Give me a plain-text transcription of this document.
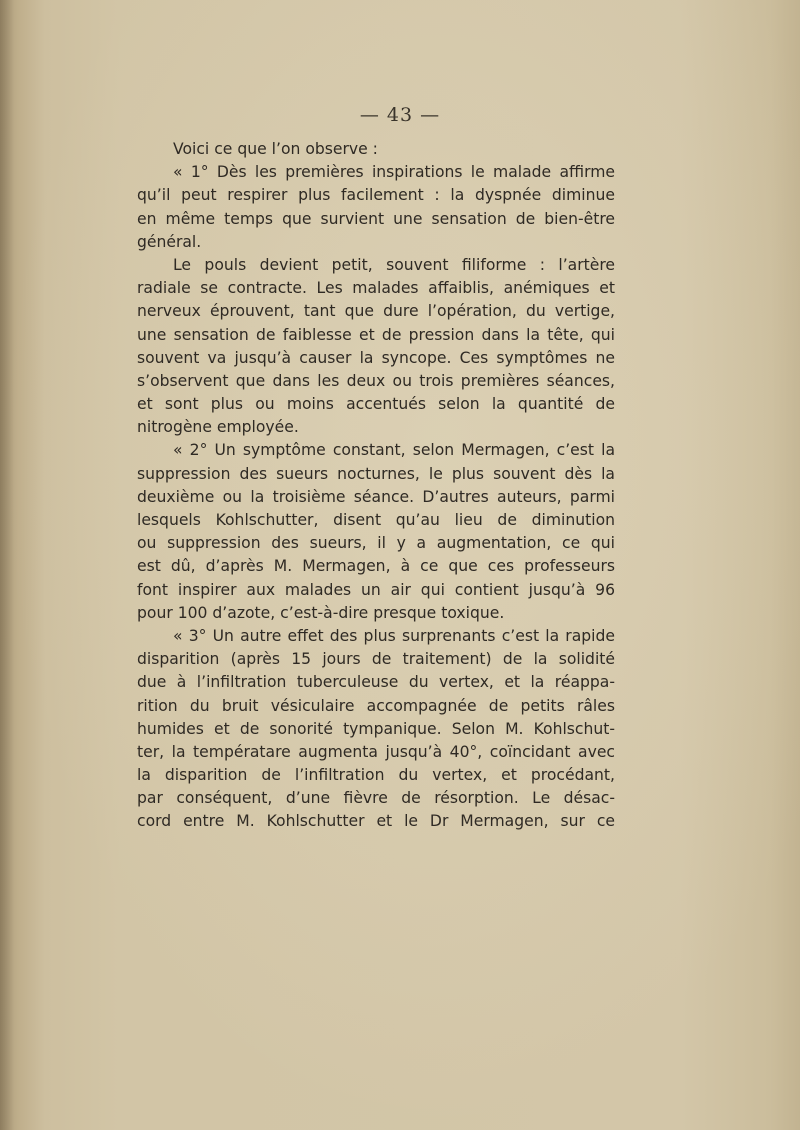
— 43 —
Voici ce que l’on observe :
« 1° Dès les premières inspirations le malade affirme
qu’il peut respirer plus facilement : la dyspnée diminue
en même temps que survient une sensation de bien-être
général.
Le pouls devient petit, souvent filiforme : l’artère
radiale se contracte. Les malades affaiblis, anémiques et
nerveux éprouvent, tant que dure l’opération, du vertige,
une sensation de faiblesse et de pression dans la tête, qui
souvent va jusqu’à causer la syncope. Ces symptômes ne
s’observent que dans les deux ou trois premières séances,
et sont plus ou moins accentués selon la quantité de
nitrogène employée.
« 2° Un symptôme constant, selon Mermagen, c’est la
suppression des sueurs nocturnes, le plus souvent dès la
deuxième ou la troisième séance. D’autres auteurs, parmi
lesquels Kohlschutter, disent qu’au lieu de diminution
ou suppression des sueurs, il y a augmentation, ce qui
est dû, d’après M. Mermagen, à ce que ces professeurs
font inspirer aux malades un air qui contient jusqu’à 96
pour 100 d’azote, c’est-à-dire presque toxique.
« 3° Un autre effet des plus surprenants c’est la rapide
disparition (après 15 jours de traitement) de la solidité
due à l’infiltration tuberculeuse du vertex, et la réappa-
rition du bruit vésiculaire accompagnée de petits râles
humides et de sonorité tympanique. Selon M. Kohlschut-
ter, la températare augmenta jusqu’à 40°, coïncidant avec
la disparition de l’infiltration du vertex, et procédant,
par conséquent, d’une fièvre de résorption. Le désac-
cord entre M. Kohlschutter et le Dr Mermagen, sur ce
